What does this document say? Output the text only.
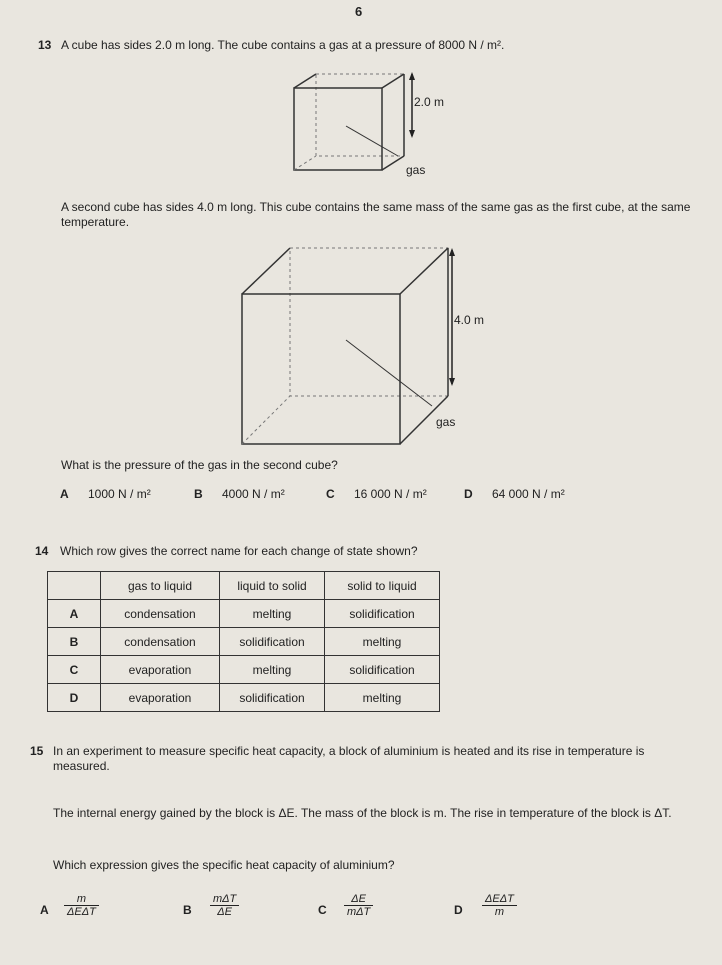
6
13 A cube has sides 2.0 m long. The cube contains a gas at a pressure of 8000 N / m².
2.0 m
gas
A second cube has sides 4.0 m long. This cube contains the same mass of the same gas as the first cube, at the same temperature.
4.0 m
gas
What is the pressure of the gas in the second cube?
A 1000 N / m²	B 4000 N / m²	C 16 000 N / m²	D 64 000 N / m²
14 Which row gives the correct name for each change of state shown?
	gas to liquid	liquid to solid	solid to liquid
A	condensation	melting	solidification
B	condensation	solidification	melting
C	evaporation	melting	solidification
D	evaporation	solidification	melting
15 In an experiment to measure specific heat capacity, a block of aluminium is heated and its rise in temperature is measured.
The internal energy gained by the block is ΔE. The mass of the block is m. The rise in temperature of the block is ΔT.
Which expression gives the specific heat capacity of aluminium?
A $\frac{m}{\text{ΔEΔT}}$	B $\frac{\text{mΔT}}{\Delta E}$	C $\frac{\Delta E}{\text{mΔT}}$	D $\frac{\text{ΔEΔT}}{m}$
